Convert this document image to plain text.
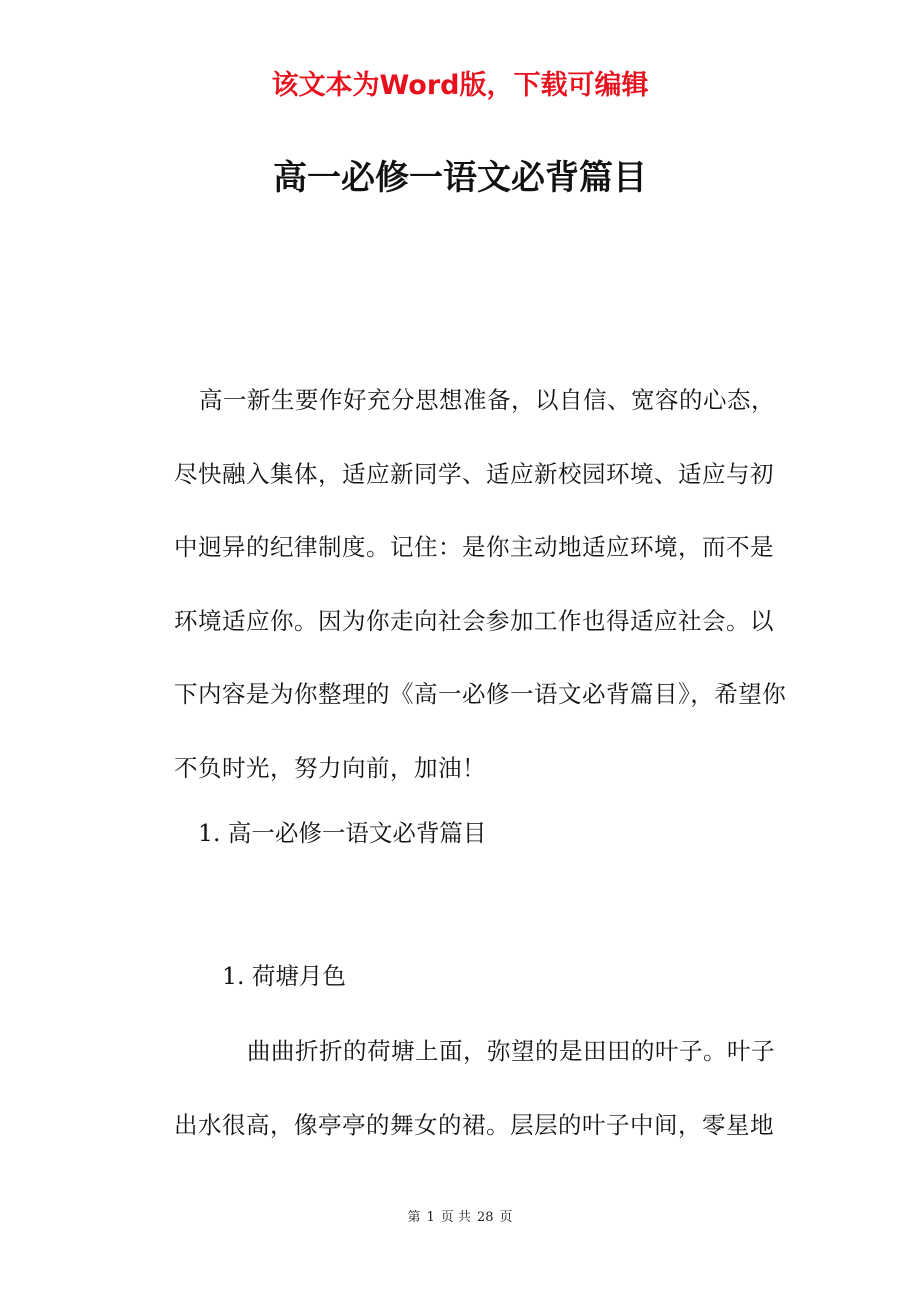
该文本为Word版，下载可编辑

高一必修一语文必背篇目

高一新生要作好充分思想准备，以自信、宽容的心态，尽快融入集体，适应新同学、适应新校园环境、适应与初中迥异的纪律制度。记住：是你主动地适应环境，而不是环境适应你。因为你走向社会参加工作也得适应社会。以下内容是为你整理的《高一必修一语文必背篇目》，希望你不负时光，努力向前，加油！

1. 高一必修一语文必背篇目

1. 荷塘月色

曲曲折折的荷塘上面，弥望的是田田的叶子。叶子出水很高，像亭亭的舞女的裙。层层的叶子中间，零星地

第 1 页 共 28 页
